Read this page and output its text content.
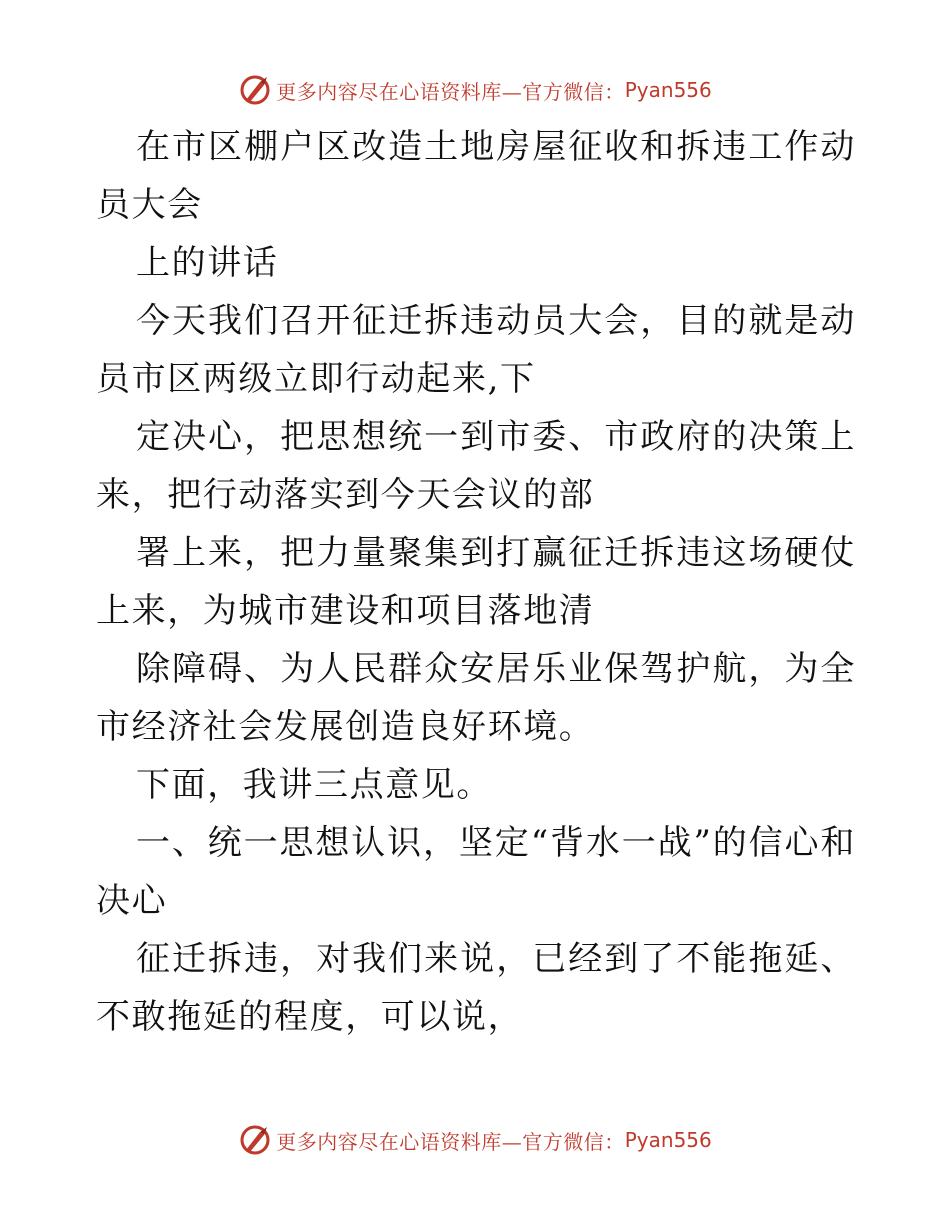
更多内容尽在心语资料库—官方微信： Pyan556

在市区棚户区改造土地房屋征收和拆违工作动员大会

上的讲话

今天我们召开征迁拆违动员大会，目的就是动员市区两级立即行动起来,下

定决心，把思想统一到市委、市政府的决策上来，把行动落实到今天会议的部

署上来，把力量聚集到打赢征迁拆违这场硬仗上来，为城市建设和项目落地清

除障碍、为人民群众安居乐业保驾护航，为全市经济社会发展创造良好环境。

下面，我讲三点意见。

一、统一思想认识，坚定“背水一战”的信心和决心

征迁拆违，对我们来说，已经到了不能拖延、不敢拖延的程度，可以说，

更多内容尽在心语资料库—官方微信： Pyan556
